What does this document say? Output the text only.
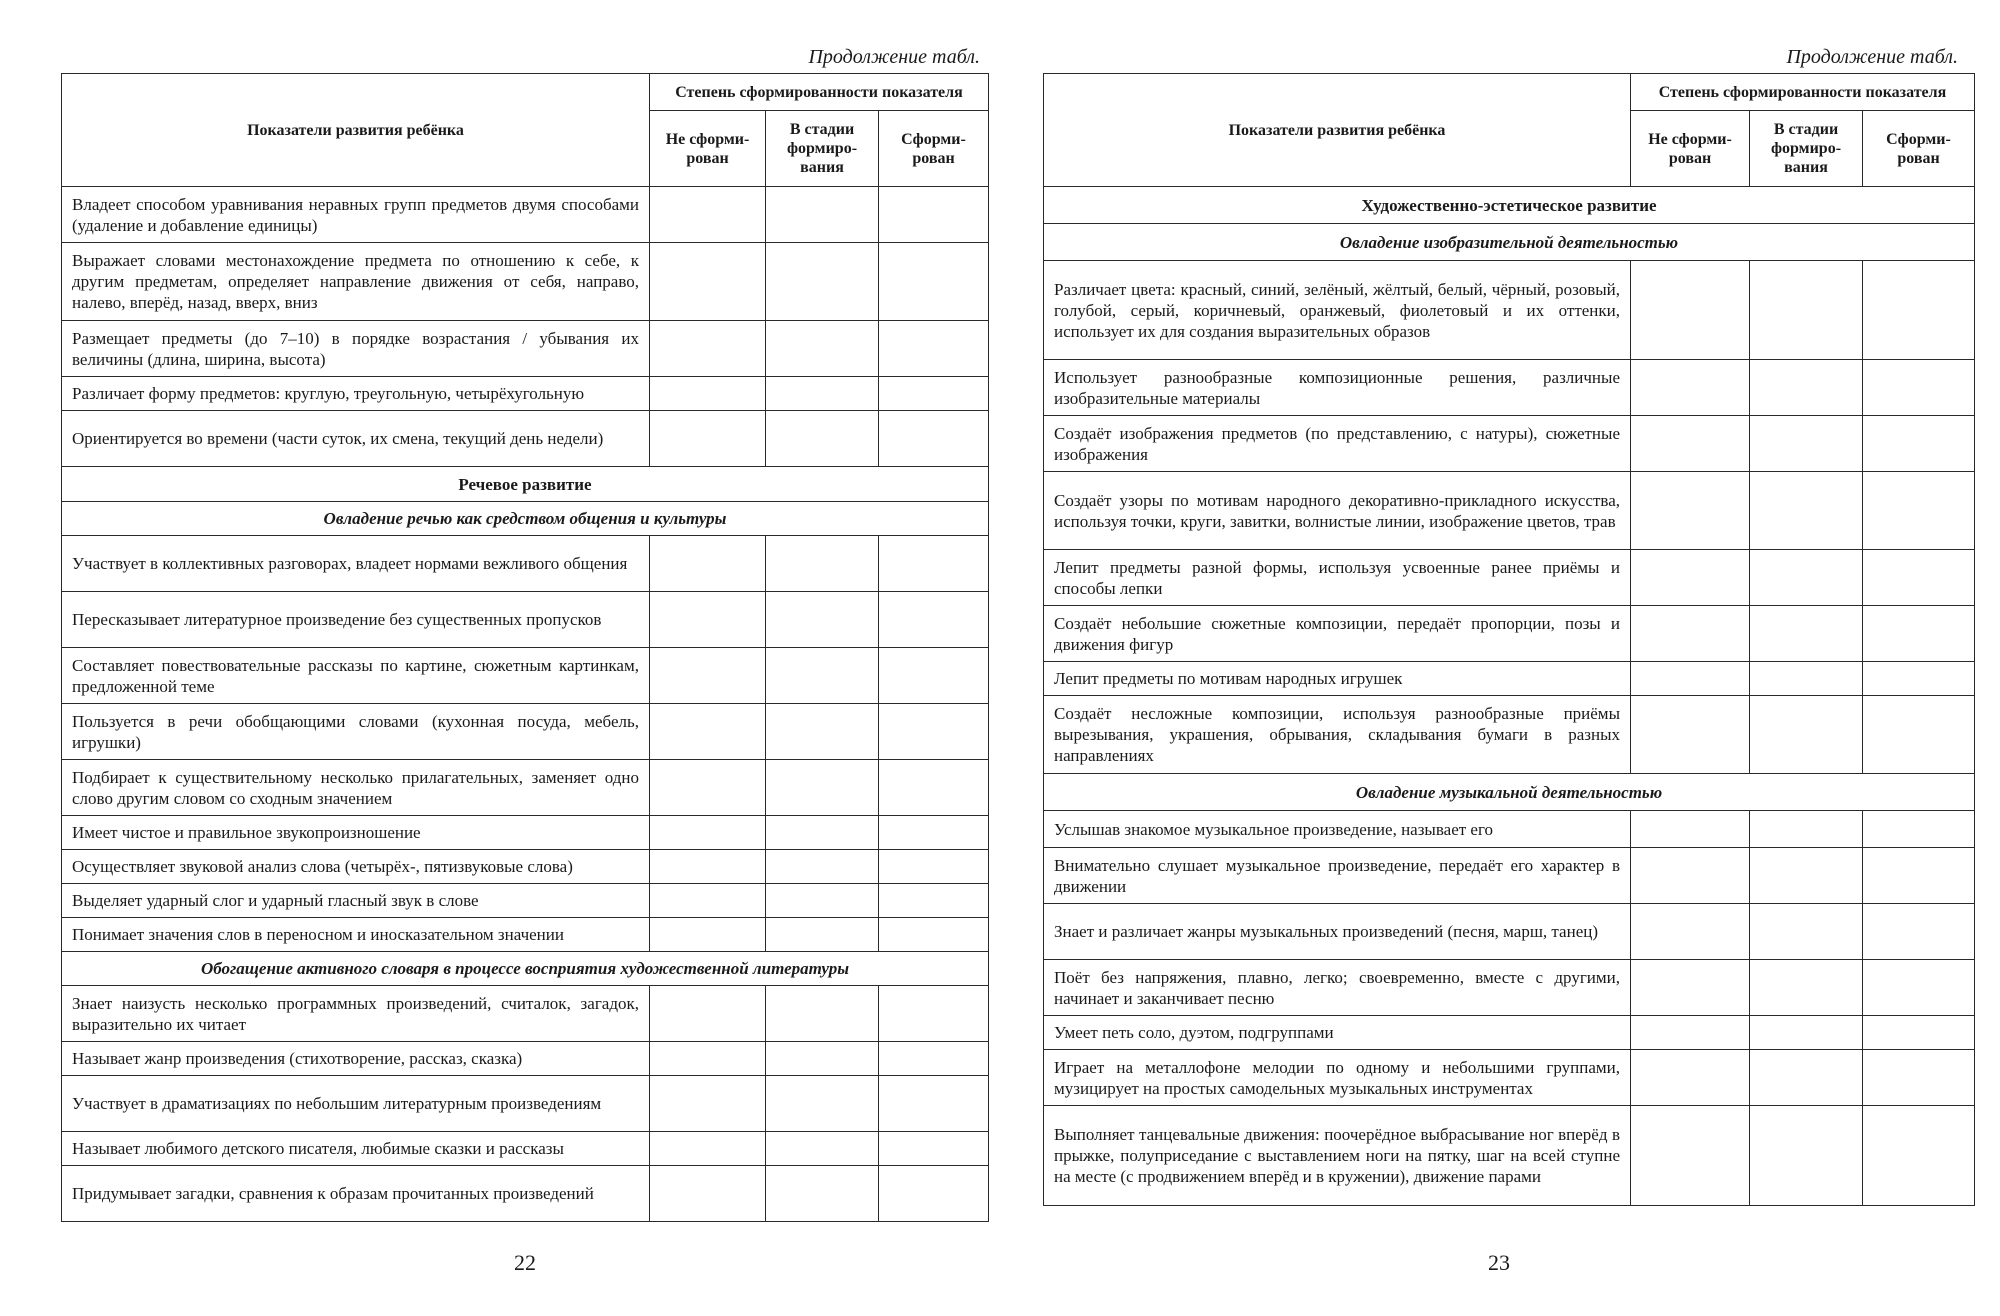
Продолжение табл.
Показатели развития ребёнка	Степень сформированности показателя		
	Не сформи-рован	В стадии формиро-вания	Сформи-рован
Владеет способом уравнивания неравных групп предметов двумя способами (удаление и добавление единицы)			
Выражает словами местонахождение предмета по отношению к себе, к другим предметам, определяет направление движения от себя, направо, налево, вперёд, назад, вверх, вниз			
Размещает предметы (до 7–10) в порядке возрастания / убывания их величины (длина, ширина, высота)			
Различает форму предметов: круглую, треугольную, четырёхугольную			
Ориентируется во времени (части суток, их смена, текущий день недели)			
Речевое развитие			
Овладение речью как средством общения и культуры			
Участвует в коллективных разговорах, владеет нормами вежливого общения			
Пересказывает литературное произведение без существенных пропусков			
Составляет повествовательные рассказы по картине, сюжетным картинкам, предложенной теме			
Пользуется в речи обобщающими словами (кухонная посуда, мебель, игрушки)			
Подбирает к существительному несколько прилагательных, заменяет одно слово другим словом со сходным значением			
Имеет чистое и правильное звукопроизношение			
Осуществляет звуковой анализ слова (четырёх-, пятизвуковые слова)			
Выделяет ударный слог и ударный гласный звук в слове			
Понимает значения слов в переносном и иносказательном значении			
Обогащение активного словаря в процессе восприятия художественной литературы			
Знает наизусть несколько программных произведений, считалок, загадок, выразительно их читает			
Называет жанр произведения (стихотворение, рассказ, сказка)			
Участвует в драматизациях по небольшим литературным произведениям			
Называет любимого детского писателя, любимые сказки и рассказы			
Придумывает загадки, сравнения к образам прочитанных произведений			
22
Продолжение табл.
Показатели развития ребёнка	Степень сформированности показателя		
	Не сформи-рован	В стадии формиро-вания	Сформи-рован
Художественно-эстетическое развитие			
Овладение изобразительной деятельностью			
Различает цвета: красный, синий, зелёный, жёлтый, белый, чёрный, розовый, голубой, серый, коричневый, оранжевый, фиолетовый и их оттенки, использует их для создания выразительных образов			
Использует разнообразные композиционные решения, различные изобразительные материалы			
Создаёт изображения предметов (по представлению, с натуры), сюжетные изображения			
Создаёт узоры по мотивам народного декоративно-прикладного искусства, используя точки, круги, завитки, волнистые линии, изображение цветов, трав			
Лепит предметы разной формы, используя усвоенные ранее приёмы и способы лепки			
Создаёт небольшие сюжетные композиции, передаёт пропорции, позы и движения фигур			
Лепит предметы по мотивам народных игрушек			
Создаёт несложные композиции, используя разнообразные приёмы вырезывания, украшения, обрывания, складывания бумаги в разных направлениях			
Овладение музыкальной деятельностью			
Услышав знакомое музыкальное произведение, называет его			
Внимательно слушает музыкальное произведение, передаёт его характер в движении			
Знает и различает жанры музыкальных произведений (песня, марш, танец)			
Поёт без напряжения, плавно, легко; своевременно, вместе с другими, начинает и заканчивает песню			
Умеет петь соло, дуэтом, подгруппами			
Играет на металлофоне мелодии по одному и небольшими группами, музицирует на простых самодельных музыкальных инструментах			
Выполняет танцевальные движения: поочерёдное выбрасывание ног вперёд в прыжке, полуприседание с выставлением ноги на пятку, шаг на всей ступне на месте (с продвижением вперёд и в кружении), движение парами			
23
